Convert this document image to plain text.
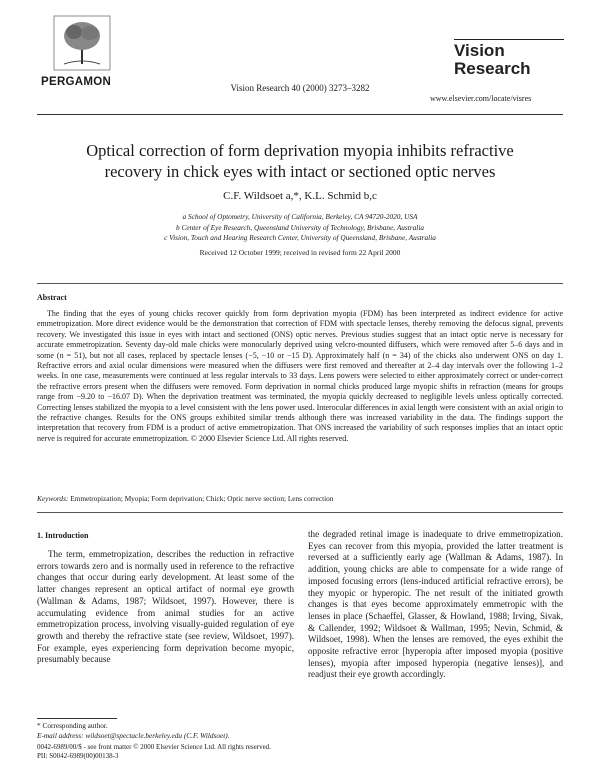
PERGAMON	Vision Research 40 (2000) 3273–3282
Vision
Research
www.elsevier.com/locate/visres
Optical correction of form deprivation myopia inhibits refractive
recovery in chick eyes with intact or sectioned optic nerves
C.F. Wildsoet a,*, K.L. Schmid b,c
a School of Optometry, University of California, Berkeley, CA 94720-2020, USA
b Center of Eye Research, Queensland University of Technology, Brisbane, Australia
c Vision, Touch and Hearing Research Center, University of Queensland, Brisbane, Australia
Received 12 October 1999; received in revised form 22 April 2000
Abstract

The finding that the eyes of young chicks recover quickly from form deprivation myopia (FDM) has been interpreted as indirect evidence for active emmetropization. More direct evidence would be the demonstration that correction of FDM with spectacle lenses, thereby removing the defocus signal, prevents recovery. We investigated this issue in eyes with intact and sectioned (ONS) optic nerves. Previous studies suggest that an intact optic nerve is necessary for accurate emmetropization. Seventy day-old male chicks were monocularly deprived using velcro-mounted diffusers, which were removed after 5–6 days and in some (n = 51), but not all cases, replaced by spectacle lenses (−5, −10 or −15 D). Approximately half (n = 34) of the chicks also underwent ONS on day 1. Refractive errors and axial ocular dimensions were measured when the diffusers were first removed and thereafter at 2–4 day intervals over the following 1–2 weeks. In one case, measurements were continued at less regular intervals to 33 days. Lens powers were selected to either approximately correct or under-correct the refractive errors present when the diffusers were removed. Form deprivation in normal chicks produced large myopic shifts in refraction (means for groups range from −9.20 to −16.07 D). When the deprivation treatment was terminated, the myopia quickly decreased to negligible levels unless optically corrected. Correcting lenses stabilized the myopia to a level consistent with the lens power used. Interocular differences in axial length were consistent with an axial origin to the refractive changes. Results for the ONS groups exhibited similar trends although there was increased variability in the data. The findings support the interpretation that recovery from FDM is a product of active emmetropization. That ONS increased the variability of such responses implies that an intact optic nerve is required for accurate emmetropization. © 2000 Elsevier Science Ltd. All rights reserved.

Keywords: Emmetropization; Myopia; Form deprivation; Chick; Optic nerve section; Lens correction
1. Introduction

The term, emmetropization, describes the reduction in refractive errors towards zero and is normally used in reference to the refractive changes that occur during early development. At least some of the latter changes represent an optical artifact of normal eye growth (Wallman & Adams, 1987; Wildsoet, 1997). However, there is accumulating evidence from animal studies for an active emmetropization process, involving visually-guided regulation of eye growth and thereby the refractive state (see review, Wildsoet, 1997). For example, eyes experiencing form deprivation become myopic, presumably because

the degraded retinal image is inadequate to drive emmetropization. Eyes can recover from this myopia, provided the latter treatment is reversed at a sufficiently early age (Wallman & Adams, 1987). In addition, young chicks are able to compensate for a wide range of imposed focusing errors (lens-induced artificial refractive errors), be they myopic or hyperopic. The net result of the initiated growth changes is that eyes become approximately emmetropic with the lenses in place (Schaeffel, Glasser, & Howland, 1988; Irving, Sivak, & Callender, 1992; Wildsoet & Wallman, 1995; Nevin, Schmid, & Wildsoet, 1998). When the lenses are removed, the eyes exhibit the opposite refractive error [hyperopia after imposed myopia (positive lenses), myopia after imposed hyperopia (negative lenses)], and readjust their eye growth accordingly.

* Corresponding author.
E-mail address: wildsoet@spectacle.berkeley.edu (C.F. Wildsoet).
0042-6989/00/$ - see front matter © 2000 Elsevier Science Ltd. All rights reserved.
PII: S0042-6989(00)00138-3
